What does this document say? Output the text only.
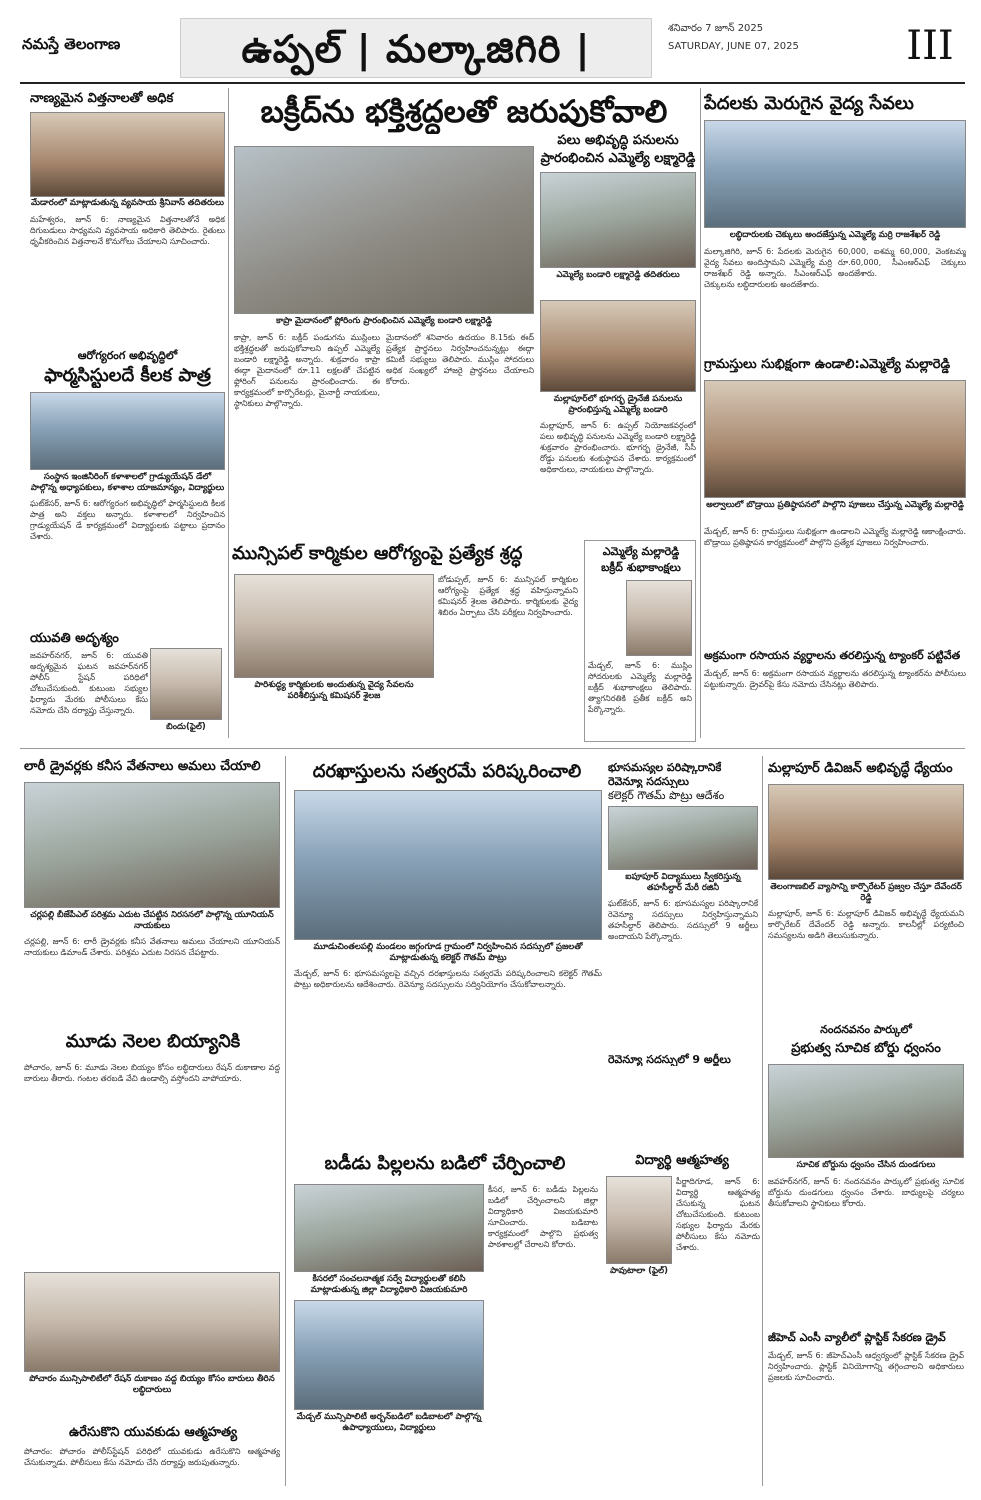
నమస్తే తెలంగాణ	ఉప్పల్ | మల్కాజిగిరి |	శనివారం 7 జూన్ 2025
SATURDAY, JUNE 07, 2025	III
నాణ్యమైన విత్తనాలతో అధిక
మేడారంలో మాట్లాడుతున్న వ్యవసాయ శ్రీనివాస్ తదితరులు
మహేశ్వరం, జూన్ 6: నాణ్యమైన విత్తనాలతోనే అధిక దిగుబడులు సాధ్యమని వ్యవసాయ అధికారి తెలిపారు. రైతులు ధృవీకరించిన విత్తనాలనే కొనుగోలు చేయాలని సూచించారు.
ఆరోగ్యరంగ అభివృద్ధిలో
ఫార్మసిస్టులదే కీలక పాత్ర
సంస్థాన ఇంజినీరింగ్ కళాశాలలో గ్రాడ్యుయేషన్ డేలో పాల్గొన్న అధ్యాపకులు, కళాశాల యాజమాన్యం, విద్యార్థులు
ఘట్‌కేసర్, జూన్ 6: ఆరోగ్యరంగ అభివృద్ధిలో ఫార్మసిస్టులది కీలక పాత్ర అని వక్తలు అన్నారు. కళాశాలలో నిర్వహించిన గ్రాడ్యుయేషన్ డే కార్యక్రమంలో విద్యార్థులకు పట్టాలు ప్రదానం చేశారు.
యువతి అదృశ్యం
జవహర్‌నగర్, జూన్ 6: యువతి అదృశ్యమైన ఘటన జవహర్‌నగర్ పోలీస్ స్టేషన్ పరిధిలో చోటుచేసుకుంది. కుటుంబ సభ్యుల ఫిర్యాదు మేరకు పోలీసులు కేసు నమోదు చేసి దర్యాప్తు చేస్తున్నారు.
బిందు(ఫైల్)
బక్రీద్‌ను భక్తిశ్రద్ధలతో జరుపుకోవాలి
కాప్రా మైదానంలో ప్లోరింగు ప్రారంభించిన ఎమ్మెల్యే బండారి లక్ష్మారెడ్డి
కాప్రా, జూన్ 6: బక్రీద్ పండుగను ముస్లింలు భక్తిశ్రద్ధలతో జరుపుకోవాలని ఉప్పల్ ఎమ్మెల్యే బండారి లక్ష్మారెడ్డి అన్నారు. శుక్రవారం కాప్రా ఈద్గా మైదానంలో రూ.11 లక్షలతో చేపట్టిన ఫ్లోరింగ్ పనులను ప్రారంభించారు. ఈ కార్యక్రమంలో కార్పొరేటర్లు, మైనార్టీ నాయకులు, స్థానికులు పాల్గొన్నారు.
మైదానంలో శనివారం ఉదయం 8.15కు ఈద్ ప్రత్యేక ప్రార్థనలు నిర్వహించనున్నట్లు ఈద్గా కమిటీ సభ్యులు తెలిపారు. ముస్లిం సోదరులు అధిక సంఖ్యలో హాజరై ప్రార్థనలు చేయాలని కోరారు.
పలు అభివృద్ధి పనులను ప్రారంభించిన ఎమ్మెల్యే లక్ష్మారెడ్డి
ఎమ్మెల్యే బండారి లక్ష్మారెడ్డి తదితరులు
మల్లాపూర్‌లో భూగర్భ డ్రైనేజీ పనులను ప్రారంభిస్తున్న ఎమ్మెల్యే బండారి
మల్లాపూర్, జూన్ 6: ఉప్పల్ నియోజకవర్గంలో పలు అభివృద్ధి పనులను ఎమ్మెల్యే బండారి లక్ష్మారెడ్డి శుక్రవారం ప్రారంభించారు. భూగర్భ డ్రైనేజీ, సీసీ రోడ్డు పనులకు శంకుస్థాపన చేశారు. కార్యక్రమంలో అధికారులు, నాయకులు పాల్గొన్నారు.
మున్సిపల్ కార్మికుల ఆరోగ్యంపై ప్రత్యేక శ్రద్ధ
పారిశుద్ధ్య కార్మికులకు అందుతున్న వైద్య సేవలను పరిశీలిస్తున్న కమిషనర్ శైలజ
బోడుప్పల్, జూన్ 6: మున్సిపల్ కార్మికుల ఆరోగ్యంపై ప్రత్యేక శ్రద్ధ వహిస్తున్నామని కమిషనర్ శైలజ తెలిపారు. కార్మికులకు వైద్య శిబిరం ఏర్పాటు చేసి పరీక్షలు నిర్వహించారు.
ఎమ్మెల్యే మల్లారెడ్డి
బక్రీద్ శుభాకాంక్షలు
మేడ్చల్, జూన్ 6: ముస్లిం సోదరులకు ఎమ్మెల్యే మల్లారెడ్డి బక్రీద్ శుభాకాంక్షలు తెలిపారు. త్యాగనిరతికి ప్రతీక బక్రీద్ అని పేర్కొన్నారు.
పేదలకు మెరుగైన వైద్య సేవలు
లబ్ధిదారులకు చెక్కులు అందజేస్తున్న ఎమ్మెల్యే మర్రి రాజశేఖర్ రెడ్డి
మల్కాజిగిరి, జూన్ 6: పేదలకు మెరుగైన వైద్య సేవలు అందిస్తామని ఎమ్మెల్యే మర్రి రాజశేఖర్ రెడ్డి అన్నారు. సీఎంఆర్‌ఎఫ్ చెక్కులను లబ్ధిదారులకు అందజేశారు.
60,000, ఐశమ్మ 60,000, వెంకటమ్మ రూ.60,000, సీఎంఆర్‌ఎఫ్ చెక్కులు అందజేశారు.
గ్రామస్తులు సుభిక్షంగా ఉండాలి:ఎమ్మెల్యే మల్లారెడ్డి
అల్వాలులో బొడ్రాయి ప్రతిష్ఠాపనలో పాల్గొని పూజలు చేస్తున్న ఎమ్మెల్యే మల్లారెడ్డి
మేడ్చల్, జూన్ 6: గ్రామస్తులు సుభిక్షంగా ఉండాలని ఎమ్మెల్యే మల్లారెడ్డి ఆకాంక్షించారు. బొడ్రాయి ప్రతిష్ఠాపన కార్యక్రమంలో పాల్గొని ప్రత్యేక పూజలు నిర్వహించారు.
అక్రమంగా రసాయన వ్యర్థాలను తరలిస్తున్న ట్యాంకర్ పట్టివేత
మేడ్చల్, జూన్ 6: అక్రమంగా రసాయన వ్యర్థాలను తరలిస్తున్న ట్యాంకర్‌ను పోలీసులు పట్టుకున్నారు. డ్రైవర్‌పై కేసు నమోదు చేసినట్లు తెలిపారు.
లారీ డ్రైవర్లకు కనీస వేతనాలు అమలు చేయాలి
చర్లపల్లి బీజేపీఎల్ పరిశ్రమ ఎదుట చేపట్టిన నిరసనలో పాల్గొన్న యూనియన్ నాయకులు
చర్లపల్లి, జూన్ 6: లారీ డ్రైవర్లకు కనీస వేతనాలు అమలు చేయాలని యూనియన్ నాయకులు డిమాండ్ చేశారు. పరిశ్రమ ఎదుట నిరసన చేపట్టారు.
మూడు నెలల బియ్యానికి
పోచారం, జూన్ 6: మూడు నెలల బియ్యం కోసం లబ్ధిదారులు రేషన్ దుకాణాల వద్ద బారులు తీరారు. గంటల తరబడి వేచి ఉండాల్సి వస్తోందని వాపోయారు.
పోచారం మున్సిపాలిటీలో రేషన్ దుకాణం వద్ద బియ్యం కోసం బారులు తీరిన లబ్ధిదారులు
ఉరేసుకొని యువకుడు ఆత్మహత్య
పోచారం: పోచారం పోలీస్‌స్టేషన్ పరిధిలో యువకుడు ఉరేసుకొని ఆత్మహత్య చేసుకున్నాడు. పోలీసులు కేసు నమోదు చేసి దర్యాప్తు జరుపుతున్నారు.
దరఖాస్తులను సత్వరమే పరిష్కరించాలి
మూడుచింతలపల్లి మండలం జగ్గంగూడ గ్రామంలో నిర్వహించిన సదస్సులో ప్రజలతో మాట్లాడుతున్న కలెక్టర్ గౌతమ్ పొట్రు
మేడ్చల్, జూన్ 6: భూసమస్యలపై వచ్చిన దరఖాస్తులను సత్వరమే పరిష్కరించాలని కలెక్టర్ గౌతమ్ పొట్రు అధికారులను ఆదేశించారు. రెవెన్యూ సదస్సులను సద్వినియోగం చేసుకోవాలన్నారు.
భూసమస్యల పరిష్కారానికే
రెవెన్యూ సదస్సులు
కలెక్టర్ గౌతమ్ పొట్రు ఆదేశం
ఐపూపూర్ విద్యాములు స్వీకరిస్తున్న తహసీల్దార్ మేరీ రజినీ
ఘట్‌కేసర్, జూన్ 6: భూసమస్యల పరిష్కారానికే రెవెన్యూ సదస్సులు నిర్వహిస్తున్నామని తహసీల్దార్ తెలిపారు. సదస్సులో 9 అర్జీలు అందాయని పేర్కొన్నారు.
రెవెన్యూ సదస్సులో 9 అర్జీలు
బడీడు పిల్లలను బడిలో చేర్పించాలి
కీసరలో సంచలనాత్మక సర్వే విద్యార్థులతో కలిసి మాట్లాడుతున్న జిల్లా విద్యాధికారి విజయకుమారి
మేడ్చల్ మున్సిపాలిటీ అర్బన్‌బడిలో బడిబాటలో పాల్గొన్న ఉపాధ్యాయులు, విద్యార్థులు
కీసర, జూన్ 6: బడీడు పిల్లలను బడిలో చేర్పించాలని జిల్లా విద్యాధికారి విజయకుమారి సూచించారు. బడిబాట కార్యక్రమంలో పాల్గొని ప్రభుత్వ పాఠశాలల్లో చేరాలని కోరారు.
విద్యార్థి ఆత్మహత్య
పావుటాలా (ఫైల్)
పీర్జాదిగూడ, జూన్ 6: విద్యార్థి ఆత్మహత్య చేసుకున్న ఘటన చోటుచేసుకుంది. కుటుంబ సభ్యుల ఫిర్యాదు మేరకు పోలీసులు కేసు నమోదు చేశారు.
మల్లాపూర్ డివిజన్ అభివృద్ధే ధ్యేయం
తెలంగాణబిల్ వ్యాసాన్ని కార్పొరేటర్ ప్రజ్వల చేస్తూ దేవేందర్ రెడ్డి
మల్లాపూర్, జూన్ 6: మల్లాపూర్ డివిజన్ అభివృద్ధే ధ్యేయమని కార్పొరేటర్ దేవేందర్ రెడ్డి అన్నారు. కాలనీల్లో పర్యటించి సమస్యలను అడిగి తెలుసుకున్నారు.
నందనవనం పార్కులో
ప్రభుత్వ సూచిక బోర్డు ధ్వంసం
సూచిక బోర్డును ధ్వంసం చేసిన దుండగులు
జవహర్‌నగర్, జూన్ 6: నందనవనం పార్కులో ప్రభుత్వ సూచిక బోర్డును దుండగులు ధ్వంసం చేశారు. బాధ్యులపై చర్యలు తీసుకోవాలని స్థానికులు కోరారు.
జీహెచ్ ఎంసీ వ్యాలీలో ప్లాస్టిక్ సేకరణ డ్రైవ్
మేడ్చల్, జూన్ 6: జీహెచ్‌ఎంసీ ఆధ్వర్యంలో ప్లాస్టిక్ సేకరణ డ్రైవ్ నిర్వహించారు. ప్లాస్టిక్ వినియోగాన్ని తగ్గించాలని అధికారులు ప్రజలకు సూచించారు.
